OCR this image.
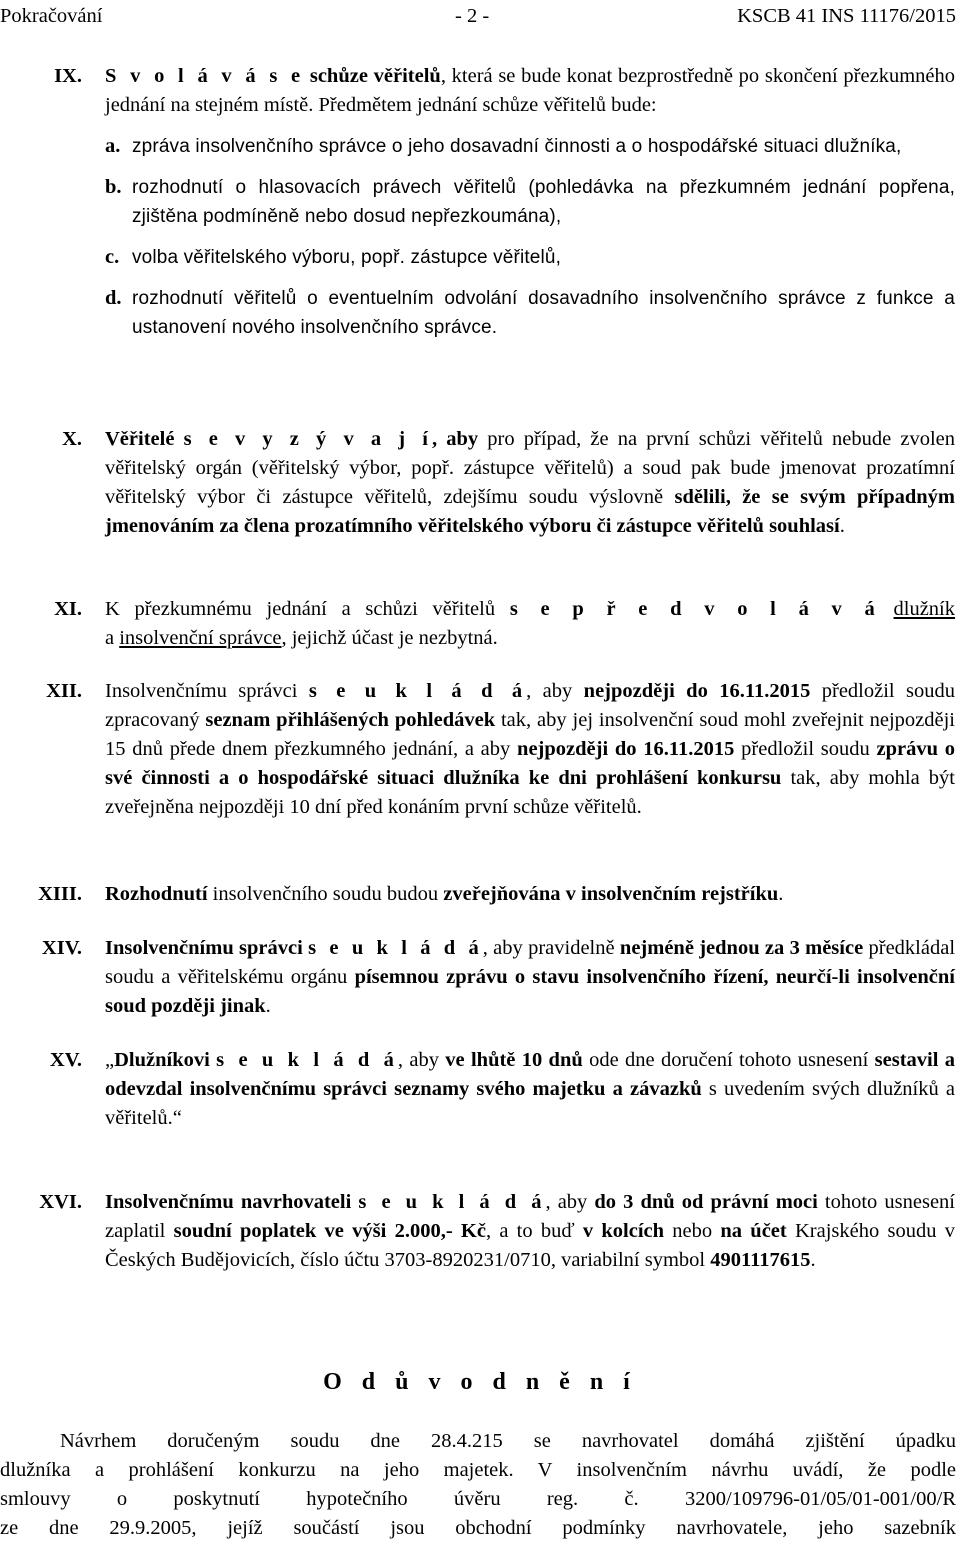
Pokračování	- 2 -	KSCB 41 INS 11176/2015
IX. S v o l á v á s e schůze věřitelů, která se bude konat bezprostředně po skončení přezkumného jednání na stejném místě. Předmětem jednání schůze věřitelů bude:
a. zpráva insolvenčního správce o jeho dosavadní činnosti a o hospodářské situaci dlužníka,
b. rozhodnutí o hlasovacích právech věřitelů (pohledávka na přezkumném jednání popřena, zjištěna podmíněně nebo dosud nepřezkoumána),
c. volba věřitelského výboru, popř. zástupce věřitelů,
d. rozhodnutí věřitelů o eventuelním odvolání dosavadního insolvenčního správce z funkce a ustanovení nového insolvenčního správce.
X. Věřitelé s e v y z ý v a j í, aby pro případ, že na první schůzi věřitelů nebude zvolen věřitelský orgán (věřitelský výbor, popř. zástupce věřitelů) a soud pak bude jmenovat prozatímní věřitelský výbor či zástupce věřitelů, zdejšímu soudu výslovně sdělili, že se svým případným jmenováním za člena prozatímního věřitelského výboru či zástupce věřitelů souhlasí.
XI. K přezkumnému jednání a schůzi věřitelů s e p ř e d v o l á v á dlužník
a insolvenční správce, jejichž účast je nezbytná.
XII. Insolvenčnímu správci s e u k l á d á, aby nejpozději do 16.11.2015 předložil soudu zpracovaný seznam přihlášených pohledávek tak, aby jej insolvenční soud mohl zveřejnit nejpozději 15 dnů přede dnem přezkumného jednání, a aby nejpozději do 16.11.2015 předložil soudu zprávu o své činnosti a o hospodářské situaci dlužníka ke dni prohlášení konkursu tak, aby mohla být zveřejněna nejpozději 10 dní před konáním první schůze věřitelů.
XIII. Rozhodnutí insolvenčního soudu budou zveřejňována v insolvenčním rejstříku.
XIV. Insolvenčnímu správci s e u k l á d á, aby pravidelně nejméně jednou za 3 měsíce předkládal soudu a věřitelskému orgánu písemnou zprávu o stavu insolvenčního řízení, neurčí-li insolvenční soud později jinak.
XV. „Dlužníkovi s e u k l á d á, aby ve lhůtě 10 dnů ode dne doručení tohoto usnesení sestavil a odevzdal insolvenčnímu správci seznamy svého majetku a závazků s uvedením svých dlužníků a věřitelů.“
XVI. Insolvenčnímu navrhovateli s e u k l á d á, aby do 3 dnů od právní moci tohoto usnesení zaplatil soudní poplatek ve výši 2.000,- Kč, a to buď v kolcích nebo na účet Krajského soudu v Českých Budějovicích, číslo účtu 3703-8920231/0710, variabilní symbol 4901117615.
O d ů v o d n ě n í
Návrhem doručeným soudu dne 28.4.215 se navrhovatel domáhá zjištění úpadku
dlužníka a prohlášení konkurzu na jeho majetek. V insolvenčním návrhu uvádí, že podle
smlouvy o poskytnutí hypotečního úvěru reg. č. 3200/109796-01/05/01-001/00/R
ze dne 29.9.2005, jejíž součástí jsou obchodní podmínky navrhovatele, jeho sazebník
